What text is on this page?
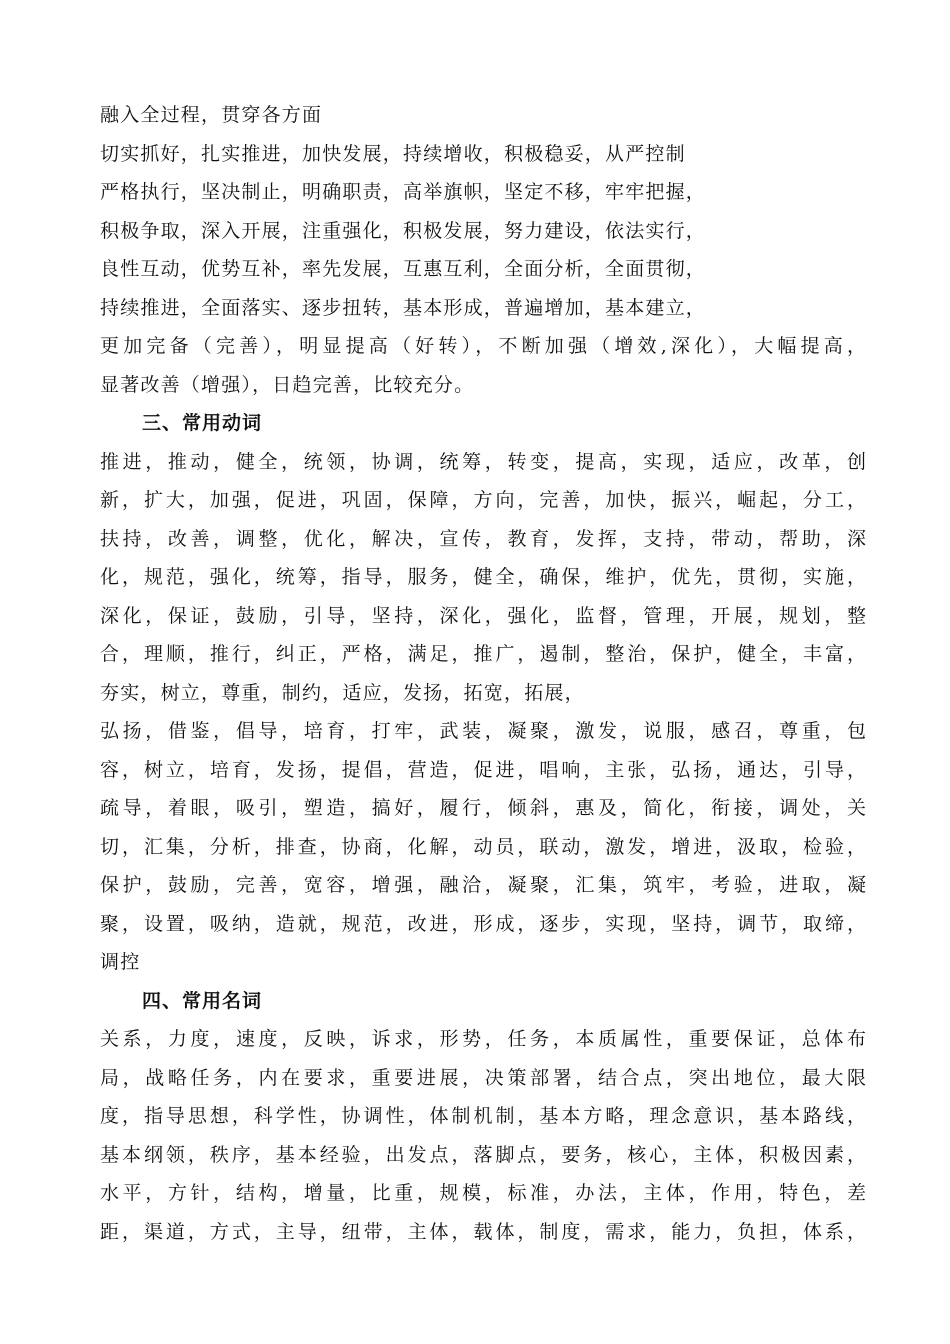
融入全过程，贯穿各方面
切实抓好，扎实推进，加快发展，持续增收，积极稳妥，从严控制
严格执行，坚决制止，明确职责，高举旗帜，坚定不移，牢牢把握，
积极争取，深入开展，注重强化，积极发展，努力建设，依法实行，
良性互动，优势互补，率先发展，互惠互利，全面分析，全面贯彻，
持续推进，全面落实、逐步扭转，基本形成，普遍增加，基本建立，
更加完备（完善），明显提高（好转），不断加强（增效,深化），大幅提高，
显著改善（增强），日趋完善，比较充分。
三、常用动词
推进，推动，健全，统领，协调，统筹，转变，提高，实现，适应，改革，创
新，扩大，加强，促进，巩固，保障，方向，完善，加快，振兴，崛起，分工，
扶持，改善，调整，优化，解决，宣传，教育，发挥，支持，带动，帮助，深
化，规范，强化，统筹，指导，服务，健全，确保，维护，优先，贯彻，实施，
深化，保证，鼓励，引导，坚持，深化，强化，监督，管理，开展，规划，整
合，理顺，推行，纠正，严格，满足，推广，遏制，整治，保护，健全，丰富，
夯实，树立，尊重，制约，适应，发扬，拓宽，拓展，
弘扬，借鉴，倡导，培育，打牢，武装，凝聚，激发，说服，感召，尊重，包
容，树立，培育，发扬，提倡，营造，促进，唱响，主张，弘扬，通达，引导，
疏导，着眼，吸引，塑造，搞好，履行，倾斜，惠及，简化，衔接，调处，关
切，汇集，分析，排查，协商，化解，动员，联动，激发，增进，汲取，检验，
保护，鼓励，完善，宽容，增强，融洽，凝聚，汇集，筑牢，考验，进取，凝
聚，设置，吸纳，造就，规范，改进，形成，逐步，实现，坚持，调节，取缔，
调控
四、常用名词
关系，力度，速度，反映，诉求，形势，任务，本质属性，重要保证，总体布
局，战略任务，内在要求，重要进展，决策部署，结合点，突出地位，最大限
度，指导思想，科学性，协调性，体制机制，基本方略，理念意识，基本路线，
基本纲领，秩序，基本经验，出发点，落脚点，要务，核心，主体，积极因素，
水平，方针，结构，增量，比重，规模，标准，办法，主体，作用，特色，差
距，渠道，方式，主导，纽带，主体，载体，制度，需求，能力，负担，体系，
